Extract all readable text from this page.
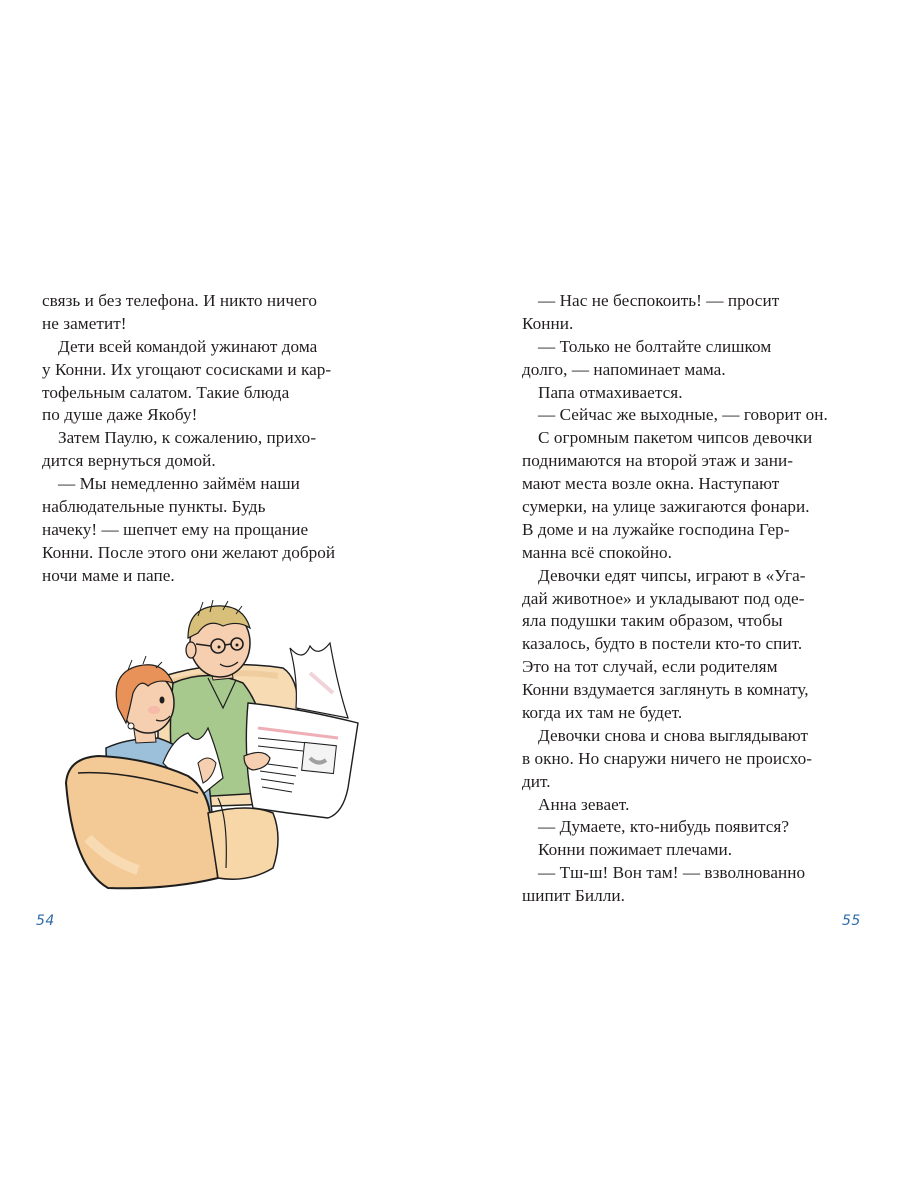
связь и без телефона. И никто ничего
не заметит!
Дети всей командой ужинают дома
у Конни. Их угощают сосисками и кар-
тофельным салатом. Такие блюда
по душе даже Якобу!
Затем Паулю, к сожалению, прихо-
дится вернуться домой.
— Мы немедленно займём наши
наблюдательные пункты. Будь
начеку! — шепчет ему на прощание
Конни. После этого они желают доброй
ночи маме и папе.
— Нас не беспокоить! — просит
Конни.
— Только не болтайте слишком
долго, — напоминает мама.
Папа отмахивается.
— Сейчас же выходные, — говорит он.
С огромным пакетом чипсов девочки
поднимаются на второй этаж и зани-
мают места возле окна. Наступают
сумерки, на улице зажигаются фонари.
В доме и на лужайке господина Гер-
манна всё спокойно.
Девочки едят чипсы, играют в «Уга-
дай животное» и укладывают под оде-
яла подушки таким образом, чтобы
казалось, будто в постели кто-то спит.
Это на тот случай, если родителям
Конни вздумается заглянуть в комнату,
когда их там не будет.
Девочки снова и снова выглядывают
в окно. Но снаружи ничего не происхо-
дит.
Анна зевает.
— Думаете, кто-нибудь появится?
Конни пожимает плечами.
— Тш-ш! Вон там! — взволнованно
шипит Билли.
54	55
